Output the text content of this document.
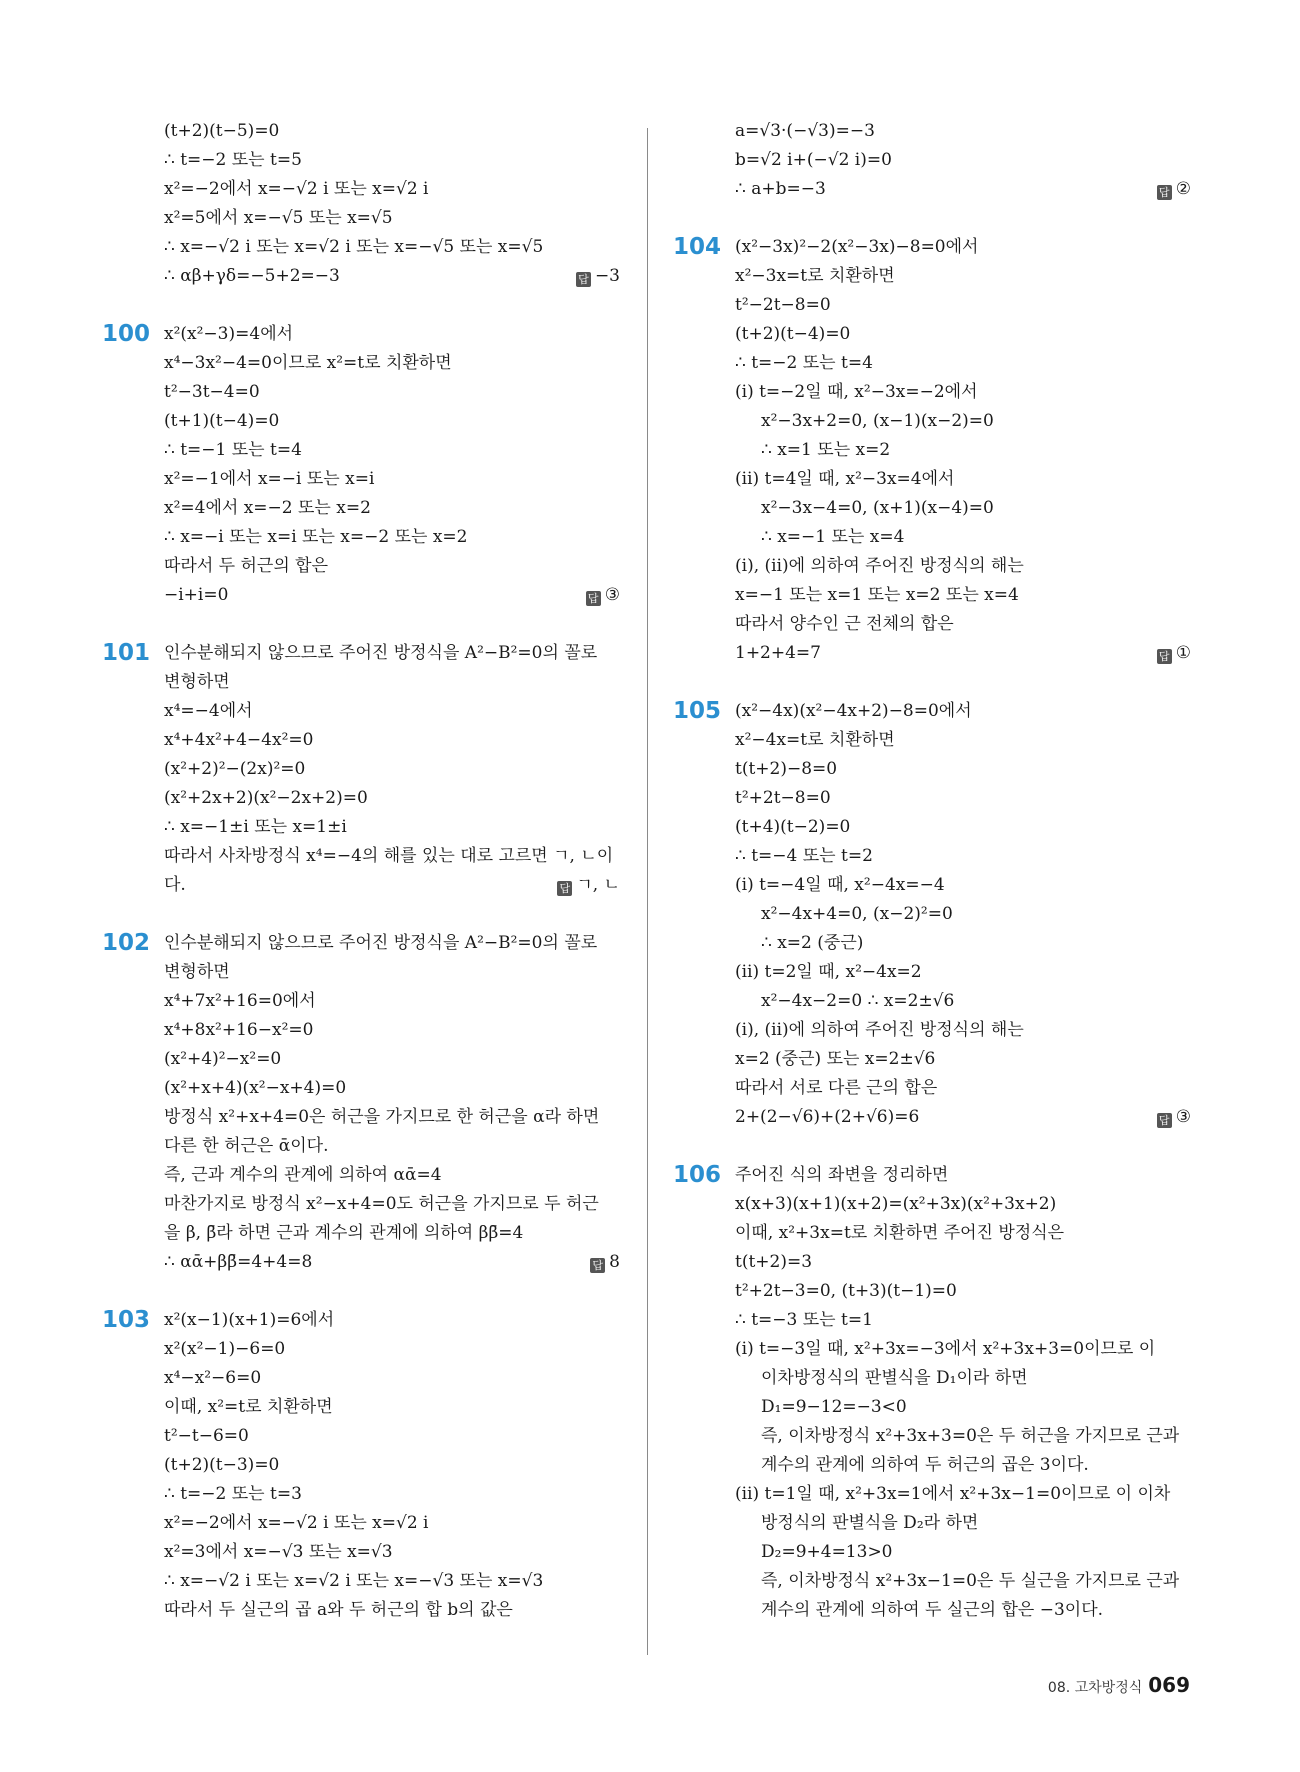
(t+2)(t−5)=0
∴ t=−2 또는 t=5
x²=−2에서 x=−√2 i 또는 x=√2 i
x²=5에서 x=−√5 또는 x=√5
∴ x=−√2 i 또는 x=√2 i 또는 x=−√5 또는 x=√5
∴ αβ+γδ=−5+2=−3	답 −3
100 x²(x²−3)=4에서
x⁴−3x²−4=0이므로 x²=t로 치환하면
t²−3t−4=0
(t+1)(t−4)=0
∴ t=−1 또는 t=4
x²=−1에서 x=−i 또는 x=i
x²=4에서 x=−2 또는 x=2
∴ x=−i 또는 x=i 또는 x=−2 또는 x=2
따라서 두 허근의 합은
−i+i=0	답 ③
101 인수분해되지 않으므로 주어진 방정식을 A²−B²=0의 꼴로
변형하면
x⁴=−4에서
x⁴+4x²+4−4x²=0
(x²+2)²−(2x)²=0
(x²+2x+2)(x²−2x+2)=0
∴ x=−1±i 또는 x=1±i
따라서 사차방정식 x⁴=−4의 해를 있는 대로 고르면 ㄱ, ㄴ이
다.	답 ㄱ, ㄴ
102 인수분해되지 않으므로 주어진 방정식을 A²−B²=0의 꼴로
변형하면
x⁴+7x²+16=0에서
x⁴+8x²+16−x²=0
(x²+4)²−x²=0
(x²+x+4)(x²−x+4)=0
방정식 x²+x+4=0은 허근을 가지므로 한 허근을 α라 하면
다른 한 허근은 ᾱ이다.
즉, 근과 계수의 관계에 의하여 αᾱ=4
마찬가지로 방정식 x²−x+4=0도 허근을 가지므로 두 허근
을 β, β̄라 하면 근과 계수의 관계에 의하여 ββ̄=4
∴ αᾱ+ββ̄=4+4=8	답 8
103 x²(x−1)(x+1)=6에서
x²(x²−1)−6=0
x⁴−x²−6=0
이때, x²=t로 치환하면
t²−t−6=0
(t+2)(t−3)=0
∴ t=−2 또는 t=3
x²=−2에서 x=−√2 i 또는 x=√2 i
x²=3에서 x=−√3 또는 x=√3
∴ x=−√2 i 또는 x=√2 i 또는 x=−√3 또는 x=√3
따라서 두 실근의 곱 a와 두 허근의 합 b의 값은
a=√3·(−√3)=−3
b=√2 i+(−√2 i)=0
∴ a+b=−3	답 ②
104 (x²−3x)²−2(x²−3x)−8=0에서
x²−3x=t로 치환하면
t²−2t−8=0
(t+2)(t−4)=0
∴ t=−2 또는 t=4
(ⅰ) t=−2일 때, x²−3x=−2에서
x²−3x+2=0, (x−1)(x−2)=0
∴ x=1 또는 x=2
(ⅱ) t=4일 때, x²−3x=4에서
x²−3x−4=0, (x+1)(x−4)=0
∴ x=−1 또는 x=4
(ⅰ), (ⅱ)에 의하여 주어진 방정식의 해는
x=−1 또는 x=1 또는 x=2 또는 x=4
따라서 양수인 근 전체의 합은
1+2+4=7	답 ①
105 (x²−4x)(x²−4x+2)−8=0에서
x²−4x=t로 치환하면
t(t+2)−8=0
t²+2t−8=0
(t+4)(t−2)=0
∴ t=−4 또는 t=2
(ⅰ) t=−4일 때, x²−4x=−4
x²−4x+4=0, (x−2)²=0
∴ x=2 (중근)
(ⅱ) t=2일 때, x²−4x=2
x²−4x−2=0 ∴ x=2±√6
(ⅰ), (ⅱ)에 의하여 주어진 방정식의 해는
x=2 (중근) 또는 x=2±√6
따라서 서로 다른 근의 합은
2+(2−√6)+(2+√6)=6	답 ③
106 주어진 식의 좌변을 정리하면
x(x+3)(x+1)(x+2)=(x²+3x)(x²+3x+2)
이때, x²+3x=t로 치환하면 주어진 방정식은
t(t+2)=3
t²+2t−3=0, (t+3)(t−1)=0
∴ t=−3 또는 t=1
(ⅰ) t=−3일 때, x²+3x=−3에서 x²+3x+3=0이므로 이
이차방정식의 판별식을 D₁이라 하면
D₁=9−12=−3<0
즉, 이차방정식 x²+3x+3=0은 두 허근을 가지므로 근과
계수의 관계에 의하여 두 허근의 곱은 3이다.
(ⅱ) t=1일 때, x²+3x=1에서 x²+3x−1=0이므로 이 이차
방정식의 판별식을 D₂라 하면
D₂=9+4=13>0
즉, 이차방정식 x²+3x−1=0은 두 실근을 가지므로 근과
계수의 관계에 의하여 두 실근의 합은 −3이다.
08. 고차방정식 069
